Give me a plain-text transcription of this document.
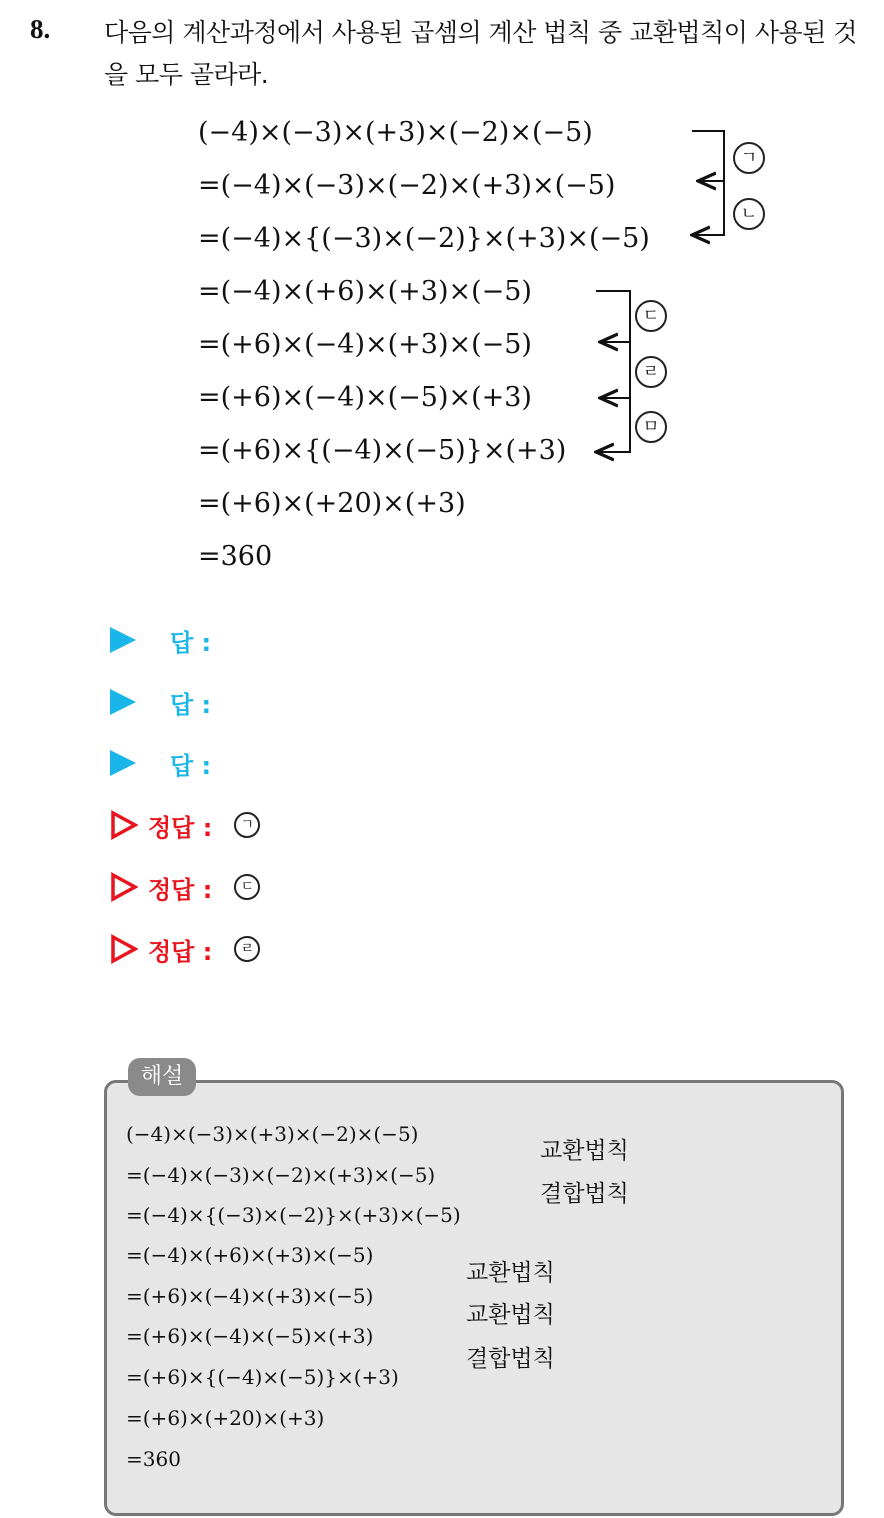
8. 다음의 계산과정에서 사용된 곱셈의 계산 법칙 중 교환법칙이 사용된 것을 모두 골라라.
(−4)×(−3)×(+3)×(−2)×(−5)
=(−4)×(−3)×(−2)×(+3)×(−5)
=(−4)×{(−3)×(−2)}×(+3)×(−5)
=(−4)×(+6)×(+3)×(−5)
=(+6)×(−4)×(+3)×(−5)
=(+6)×(−4)×(−5)×(+3)
=(+6)×{(−4)×(−5)}×(+3)
=(+6)×(+20)×(+3)
=360
ㄱ
ㄴ
ㄷ
ㄹ
ㅁ
답 :
답 :
답 :
정답 :	ㄱ
정답 :	ㄷ
정답 :	ㄹ
해설
(−4)×(−3)×(+3)×(−2)×(−5)
=(−4)×(−3)×(−2)×(+3)×(−5)
=(−4)×{(−3)×(−2)}×(+3)×(−5)
=(−4)×(+6)×(+3)×(−5)
=(+6)×(−4)×(+3)×(−5)
=(+6)×(−4)×(−5)×(+3)
=(+6)×{(−4)×(−5)}×(+3)
=(+6)×(+20)×(+3)
=360
교환법칙
결합법칙
교환법칙
교환법칙
결합법칙
